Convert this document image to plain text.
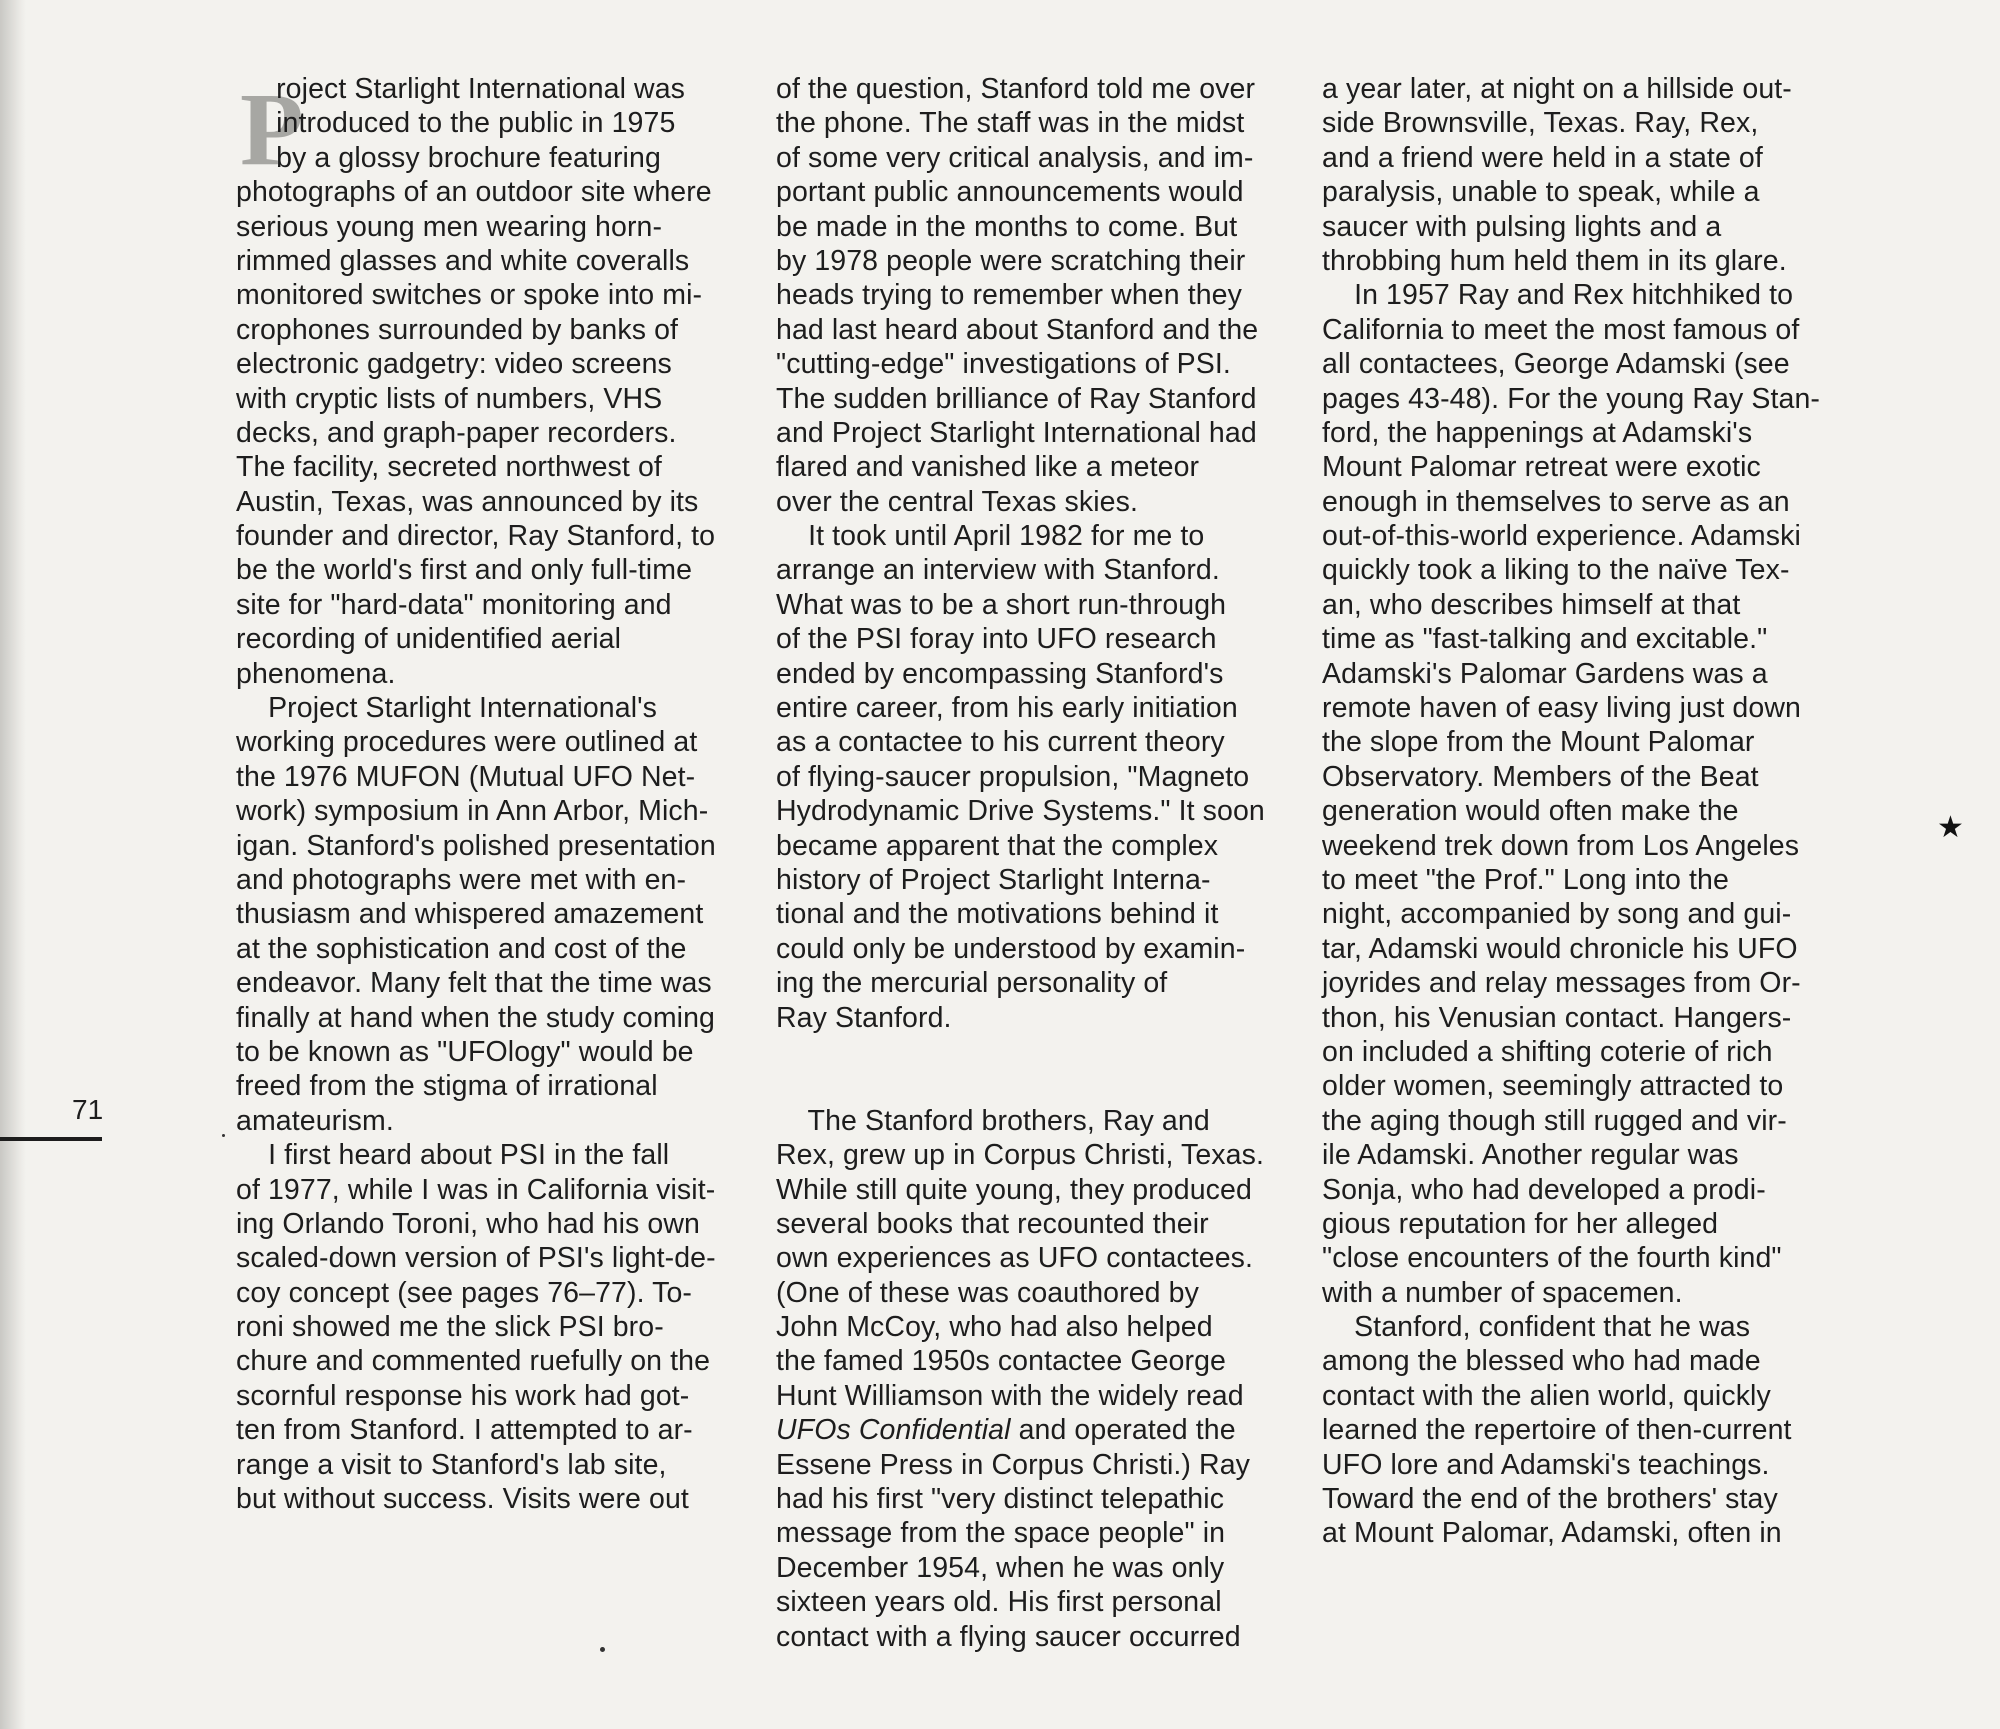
P
roject Starlight International was
introduced to the public in 1975
by a glossy brochure featuring
photographs of an outdoor site where
serious young men wearing horn-
rimmed glasses and white coveralls
monitored switches or spoke into mi-
crophones surrounded by banks of
electronic gadgetry: video screens
with cryptic lists of numbers, VHS
decks, and graph-paper recorders.
The facility, secreted northwest of
Austin, Texas, was announced by its
founder and director, Ray Stanford, to
be the world's first and only full-time
site for "hard-data" monitoring and
recording of unidentified aerial
phenomena.
Project Starlight International's
working procedures were outlined at
the 1976 MUFON (Mutual UFO Net-
work) symposium in Ann Arbor, Mich-
igan. Stanford's polished presentation
and photographs were met with en-
thusiasm and whispered amazement
at the sophistication and cost of the
endeavor. Many felt that the time was
finally at hand when the study coming
to be known as "UFOlogy" would be
freed from the stigma of irrational
amateurism.
I first heard about PSI in the fall
of 1977, while I was in California visit-
ing Orlando Toroni, who had his own
scaled-down version of PSI's light-de-
coy concept (see pages 76–77). To-
roni showed me the slick PSI bro-
chure and commented ruefully on the
scornful response his work had got-
ten from Stanford. I attempted to ar-
range a visit to Stanford's lab site,
but without success. Visits were out
of the question, Stanford told me over
the phone. The staff was in the midst
of some very critical analysis, and im-
portant public announcements would
be made in the months to come. But
by 1978 people were scratching their
heads trying to remember when they
had last heard about Stanford and the
"cutting-edge" investigations of PSI.
The sudden brilliance of Ray Stanford
and Project Starlight International had
flared and vanished like a meteor
over the central Texas skies.
It took until April 1982 for me to
arrange an interview with Stanford.
What was to be a short run-through
of the PSI foray into UFO research
ended by encompassing Stanford's
entire career, from his early initiation
as a contactee to his current theory
of flying-saucer propulsion, "Magneto
Hydrodynamic Drive Systems." It soon
became apparent that the complex
history of Project Starlight Interna-
tional and the motivations behind it
could only be understood by examin-
ing the mercurial personality of
Ray Stanford.
The Stanford brothers, Ray and
Rex, grew up in Corpus Christi, Texas.
While still quite young, they produced
several books that recounted their
own experiences as UFO contactees.
(One of these was coauthored by
John McCoy, who had also helped
the famed 1950s contactee George
Hunt Williamson with the widely read
UFOs Confidential and operated the
Essene Press in Corpus Christi.) Ray
had his first "very distinct telepathic
message from the space people" in
December 1954, when he was only
sixteen years old. His first personal
contact with a flying saucer occurred
a year later, at night on a hillside out-
side Brownsville, Texas. Ray, Rex,
and a friend were held in a state of
paralysis, unable to speak, while a
saucer with pulsing lights and a
throbbing hum held them in its glare.
In 1957 Ray and Rex hitchhiked to
California to meet the most famous of
all contactees, George Adamski (see
pages 43-48). For the young Ray Stan-
ford, the happenings at Adamski's
Mount Palomar retreat were exotic
enough in themselves to serve as an
out-of-this-world experience. Adamski
quickly took a liking to the naïve Tex-
an, who describes himself at that
time as "fast-talking and excitable."
Adamski's Palomar Gardens was a
remote haven of easy living just down
the slope from the Mount Palomar
Observatory. Members of the Beat
generation would often make the
weekend trek down from Los Angeles
to meet "the Prof." Long into the
night, accompanied by song and gui-
tar, Adamski would chronicle his UFO
joyrides and relay messages from Or-
thon, his Venusian contact. Hangers-
on included a shifting coterie of rich
older women, seemingly attracted to
the aging though still rugged and vir-
ile Adamski. Another regular was
Sonja, who had developed a prodi-
gious reputation for her alleged
"close encounters of the fourth kind"
with a number of spacemen.
Stanford, confident that he was
among the blessed who had made
contact with the alien world, quickly
learned the repertoire of then-current
UFO lore and Adamski's teachings.
Toward the end of the brothers' stay
at Mount Palomar, Adamski, often in
71
★
